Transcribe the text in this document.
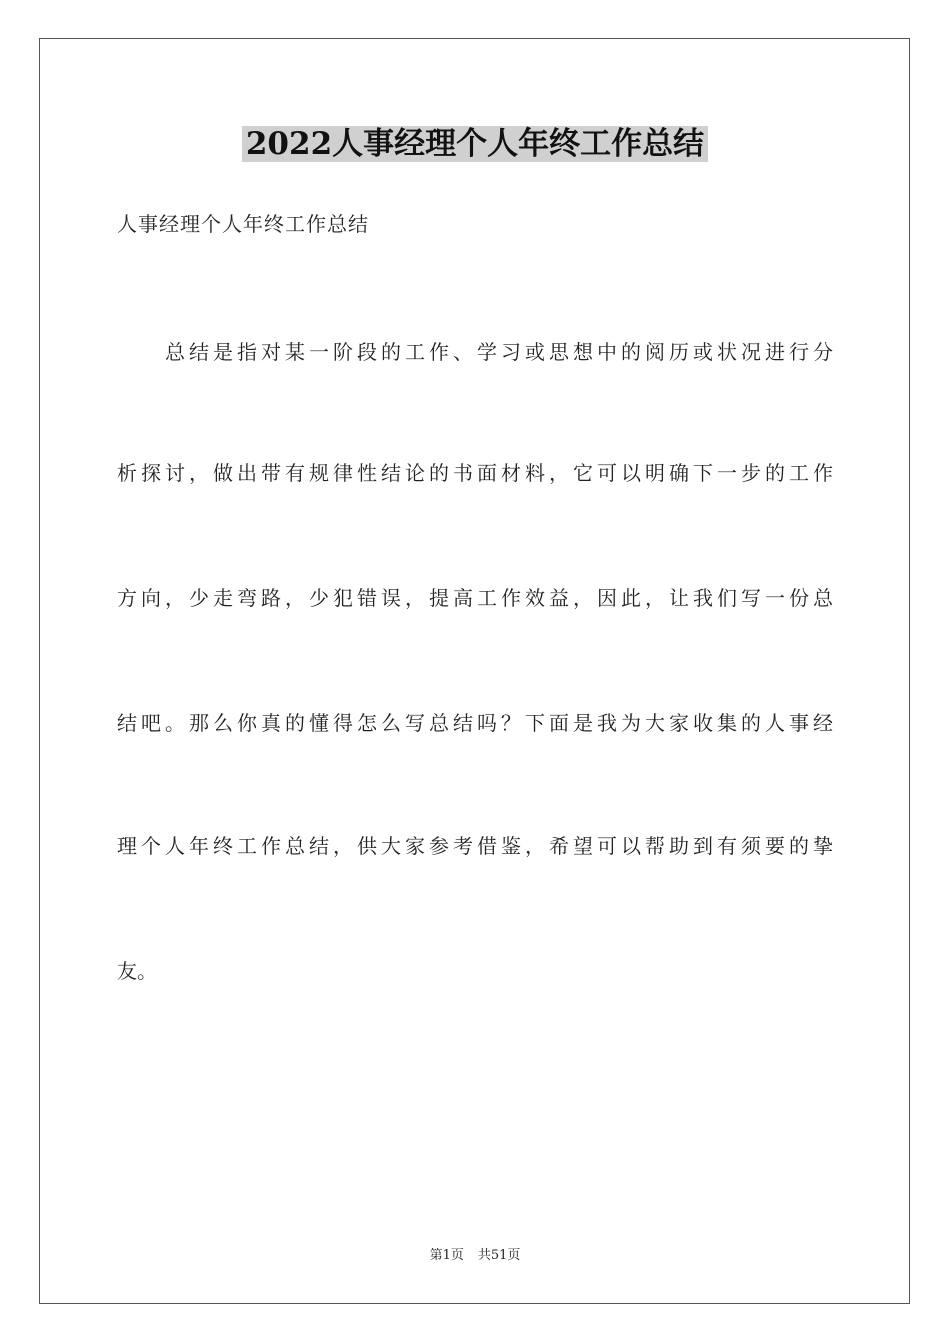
2022人事经理个人年终工作总结
人事经理个人年终工作总结
总结是指对某一阶段的工作、学习或思想中的阅历或状况进行分
析探讨，做出带有规律性结论的书面材料，它可以明确下一步的工作
方向，少走弯路，少犯错误，提高工作效益，因此，让我们写一份总
结吧。那么你真的懂得怎么写总结吗？下面是我为大家收集的人事经
理个人年终工作总结，供大家参考借鉴，希望可以帮助到有须要的挚
友。
第1页 共51页
